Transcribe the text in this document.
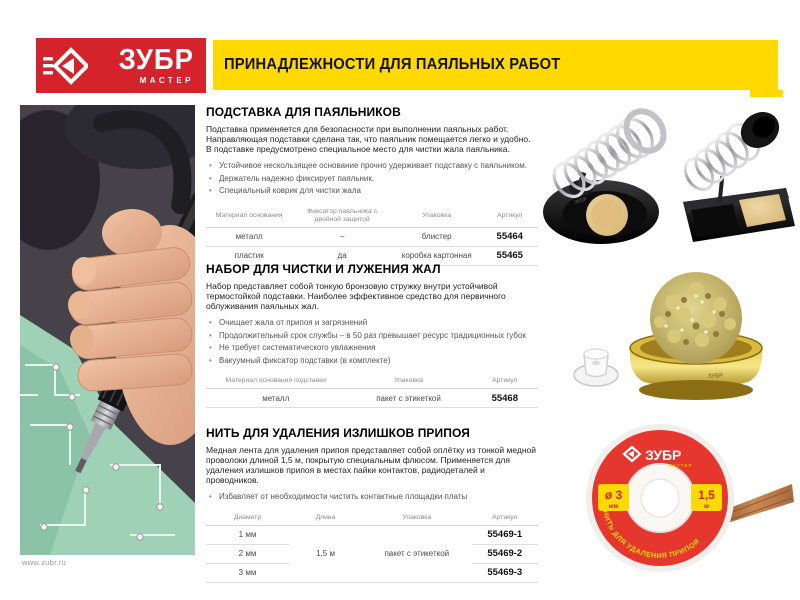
ЗУБР
МАСТЕР
ПРИНАДЛЕЖНОСТИ ДЛЯ ПАЯЛЬНЫХ РАБОТ
www.zubr.ru
ПОДСТАВКА ДЛЯ ПАЯЛЬНИКОВ

Подставка применяется для безопасности при выполнении паяльных работ. Направляющая подставки сделана так, что паяльник помещается легко и удобно. В подставке предусмотрено специальное место для чистки жала паяльника.

• Устойчивое нескользящее основание прочно удерживает подставку с паяльником.
• Держатель надежно фиксирует паяльник.
• Специальный коврик для чистки жала
Материал основания	Фиксатор паяльника с двойной защитой	Упаковка	Артикул
металл	–	блистер	55464
пластик	да	коробка картонная	55465
НАБОР ДЛЯ ЧИСТКИ И ЛУЖЕНИЯ ЖАЛ

Набор представляет собой тонкую бронзовую стружку внутри устойчивой термостойкой подставки. Наиболее эффективное средство для первичного облуживания паяльных жал.

• Очищает жала от припоя и загрязнений
• Продолжительный срок службы – в 50 раз превышает ресурс традиционных губок
• Не требует систематического увлажнения
• Вакуумный фиксатор подставки (в комплекте)
Материал основания подставки	Упаковка	Артикул
металл	пакет с этикеткой	55468
НИТЬ ДЛЯ УДАЛЕНИЯ ИЗЛИШКОВ ПРИПОЯ

Медная лента для удаления припоя представляет собой оплётку из тонкой медной проволоки длиной 1,5 м, покрытую специальным флюсом. Применяется для удаления излишков припоя в местах пайки контактов, радиодеталей и проводников.

• Избавляет от необходимости чистить контактные площадки платы
Диаметр	Длина	Упаковка	Артикул
1 мм	1,5 м	пакет с этикеткой	55469-1
2 мм			55469-2
3 мм			55469-3
ЗУБР
ЗУБР
ЗУБР
МАСТЕР
ø 3
мм
1,5
м
НИТЬ ДЛЯ УДАЛЕНИЯ ПРИПОЯ
